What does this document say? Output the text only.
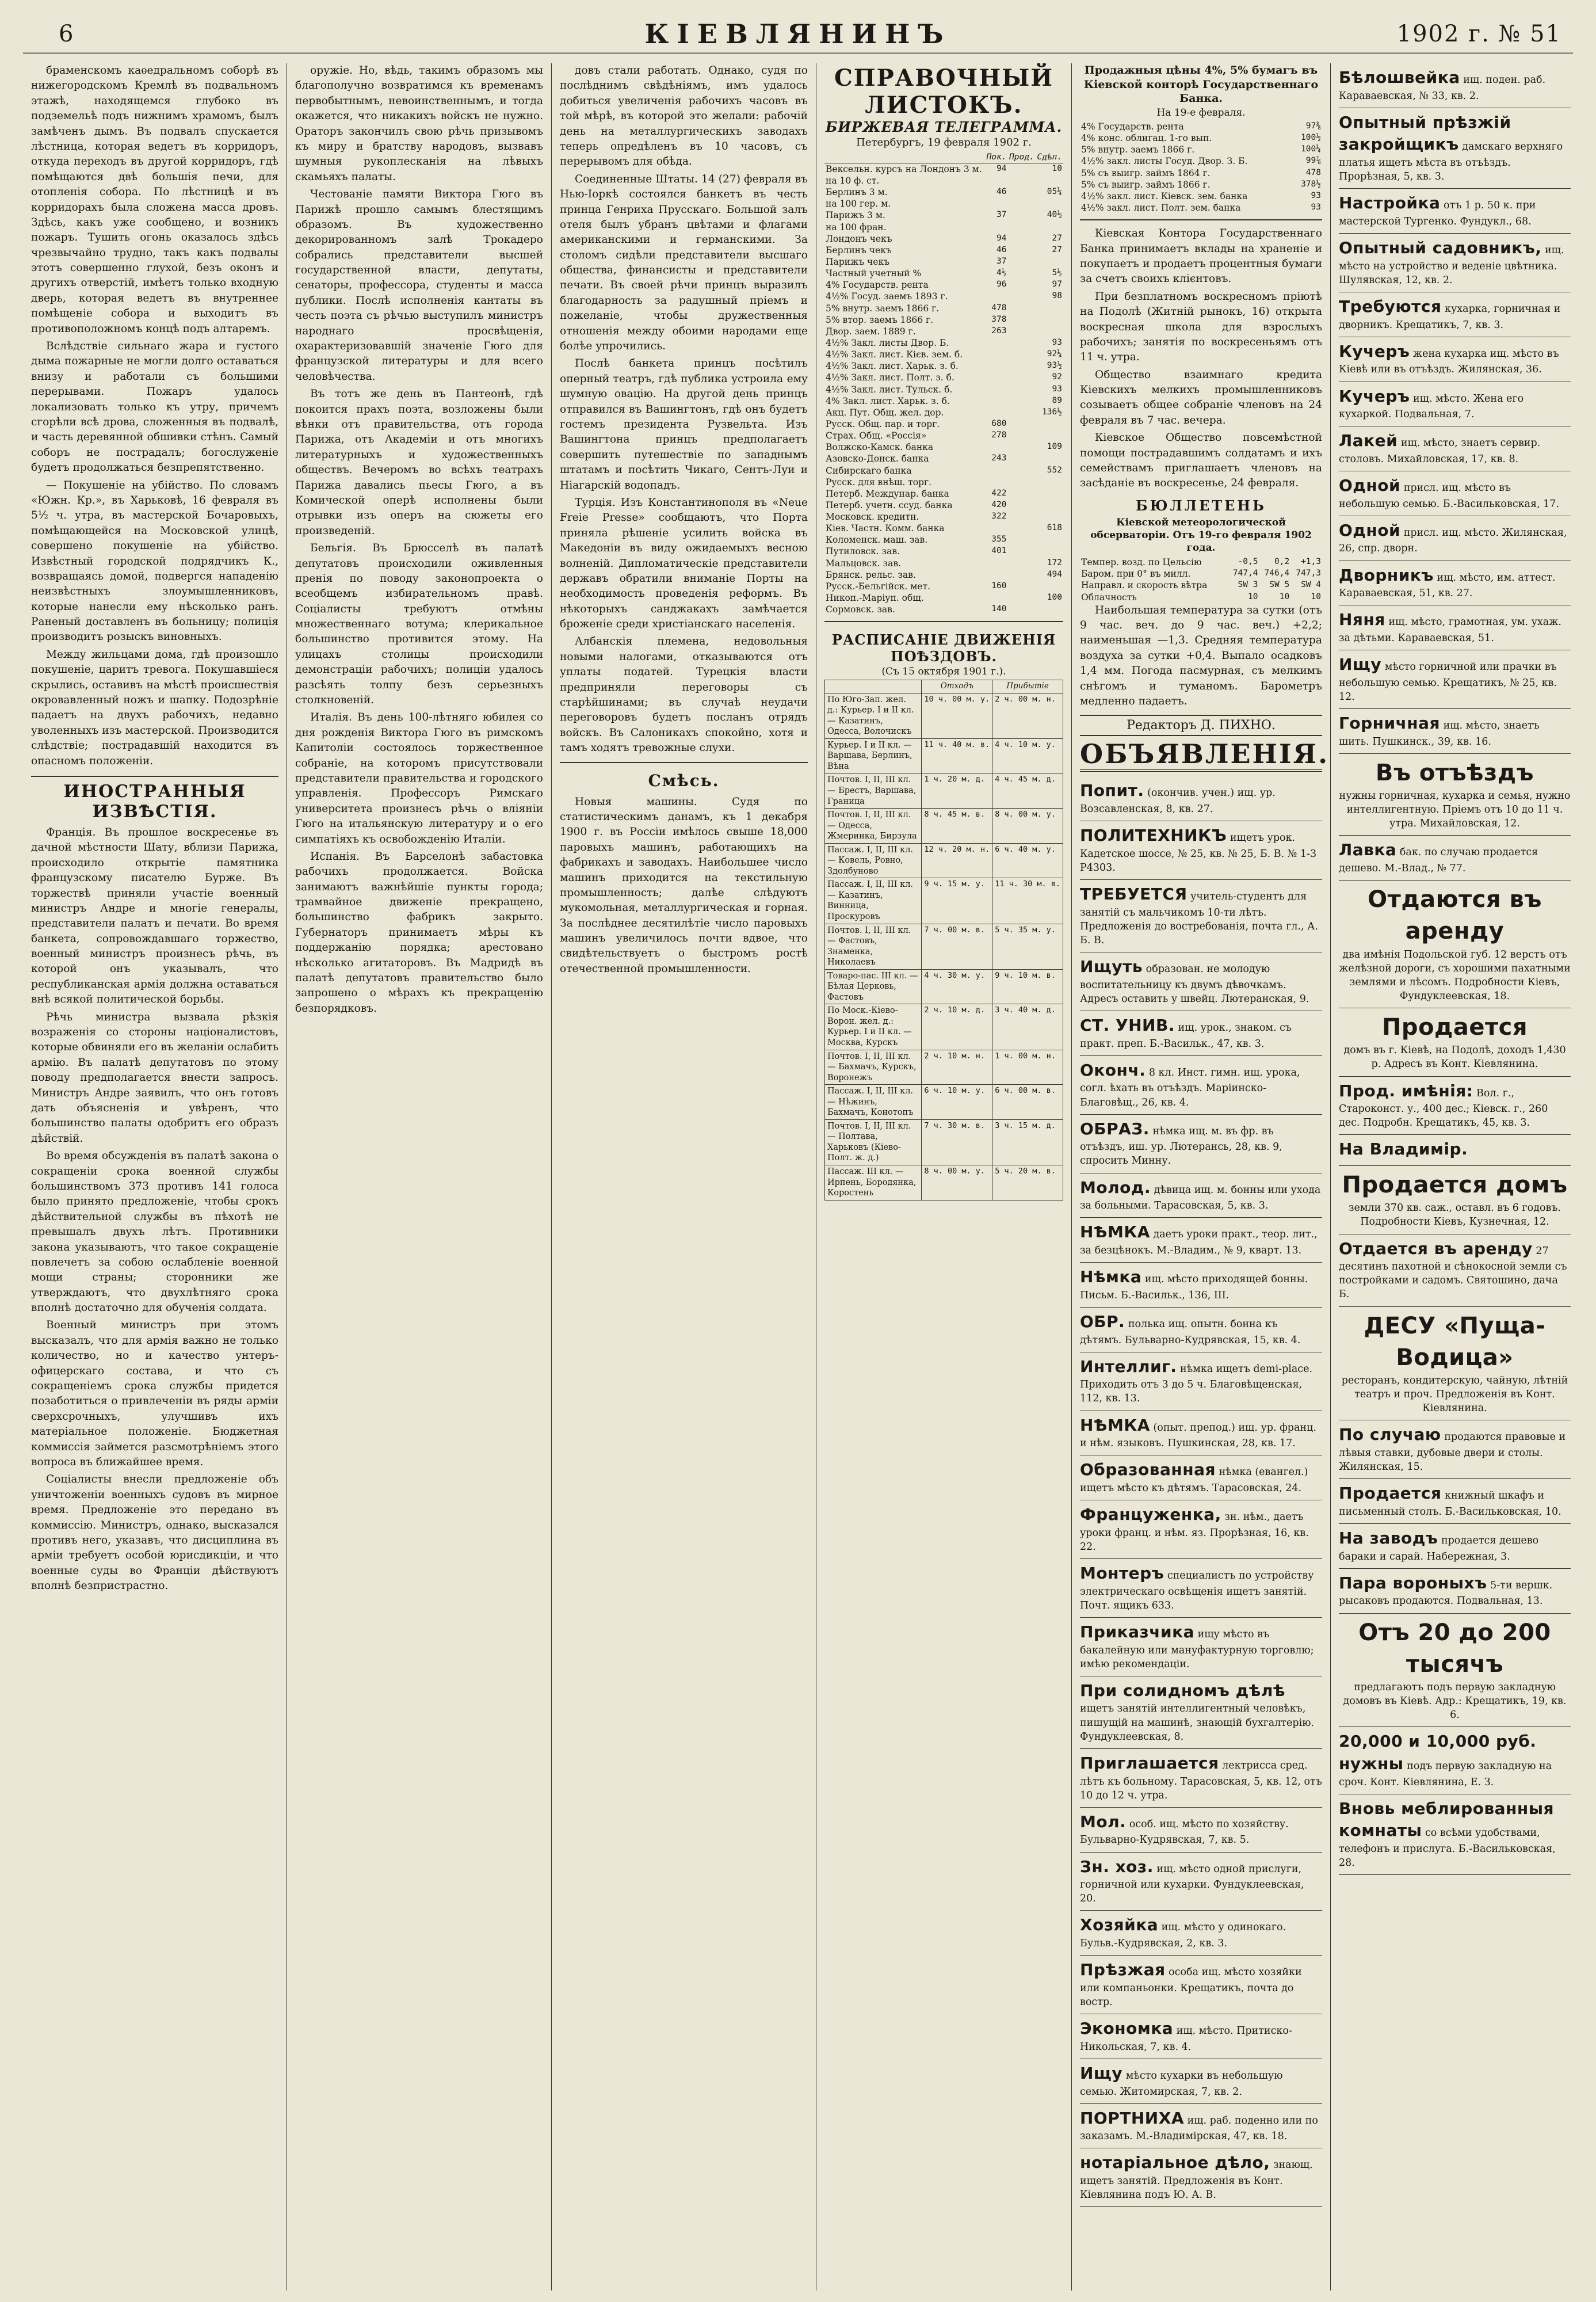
6	КІЕВЛЯНИНЪ	1902 г. № 51

браменскомъ каѳедральномъ соборѣ въ нижегородскомъ Кремлѣ въ подвальномъ этажѣ, находящемся глубоко въ подземельѣ подъ нижнимъ храмомъ, былъ замѣченъ дымъ. Въ подвалъ спускается лѣстница, которая ведетъ въ корридоръ, откуда переходъ въ другой корридоръ, гдѣ помѣщаются двѣ большія печи, для отопленія собора. По лѣстницѣ и въ корридорахъ была сложена масса дровъ. Здѣсь, какъ уже сообщено, и возникъ пожаръ. Тушить огонь оказалось здѣсь чрезвычайно трудно, такъ какъ подвалы этотъ совершенно глухой, безъ оконъ и другихъ отверстій, имѣетъ только входную дверь, которая ведетъ въ внутреннее помѣщеніе собора и выходитъ въ противоположномъ концѣ подъ алтаремъ.

Вслѣдствіе сильнаго жара и густого дыма пожарные не могли долго оставаться внизу и работали съ большими перерывами. Пожаръ удалось локализовать только къ утру, причемъ сгорѣли всѣ дрова, сложенныя въ подвалѣ, и часть деревянной обшивки стѣнъ. Самый соборъ не пострадалъ; богослуженіе будетъ продолжаться безпрепятственно.

— Покушеніе на убійство. По словамъ «Южн. Кр.», въ Харьковѣ, 16 февраля въ 5½ ч. утра, въ мастерской Бочаровыхъ, помѣщающейся на Московской улицѣ, совершено покушеніе на убійство. Извѣстный городской подрядчикъ К., возвращаясь домой, подвергся нападенію неизвѣстныхъ злоумышленниковъ, которые нанесли ему нѣсколько ранъ. Раненый доставленъ въ больницу; полиція производитъ розыскъ виновныхъ.

Между жильцами дома, гдѣ произошло покушеніе, царитъ тревога. Покушавшіеся скрылись, оставивъ на мѣстѣ происшествія окровавленный ножъ и шапку. Подозрѣніе падаетъ на двухъ рабочихъ, недавно уволенныхъ изъ мастерской. Производится слѣдствіе; пострадавшій находится въ опасномъ положеніи.

ИНОСТРАННЫЯ ИЗВѢСТІЯ.

Франція. Въ прошлое воскресенье въ дачной мѣстности Шату, вблизи Парижа, происходило открытіе памятника французскому писателю Бурже. Въ торжествѣ приняли участіе военный министръ Андре и многіе генералы, представители палатъ и печати. Во время банкета, сопровождавшаго торжество, военный министръ произнесъ рѣчь, въ которой онъ указывалъ, что республиканская армія должна оставаться внѣ всякой политической борьбы.

Рѣчь министра вызвала рѣзкія возраженія со стороны націоналистовъ, которые обвиняли его въ желаніи ослабить армію. Въ палатѣ депутатовъ по этому поводу предполагается внести запросъ. Министръ Андре заявилъ, что онъ готовъ дать объясненія и увѣренъ, что большинство палаты одобритъ его образъ дѣйствій.

Во время обсужденія въ палатѣ закона о сокращеніи срока военной службы большинствомъ 373 противъ 141 голоса было принято предложеніе, чтобы срокъ дѣйствительной службы въ пѣхотѣ не превышалъ двухъ лѣтъ. Противники закона указываютъ, что такое сокращеніе повлечетъ за собою ослабленіе военной мощи страны; сторонники же утверждаютъ, что двухлѣтняго срока вполнѣ достаточно для обученія солдата.

Военный министръ при этомъ высказалъ, что для армія важно не только количество, но и качество унтеръ-офицерскаго состава, и что съ сокращеніемъ срока службы придется позаботиться о привлеченіи въ ряды арміи сверхсрочныхъ, улучшивъ ихъ матеріальное положеніе. Бюджетная коммиссія займется разсмотрѣніемъ этого вопроса въ ближайшее время.

Соціалисты внесли предложеніе объ уничтоженіи военныхъ судовъ въ мирное время. Предложеніе это передано въ коммиссію. Министръ, однако, высказался противъ него, указавъ, что дисциплина въ арміи требуетъ особой юрисдикціи, и что военные суды во Франціи дѣйствуютъ вполнѣ безпристрастно.

оружіе. Но, вѣдь, такимъ образомъ мы благополучно возвратимся къ временамъ первобытнымъ, невоинственнымъ, и тогда окажется, что никакихъ войскъ не нужно. Ораторъ закончилъ свою рѣчь призывомъ къ миру и братству народовъ, вызвавъ шумныя рукоплесканія на лѣвыхъ скамьяхъ палаты.

Честованіе памяти Виктора Гюго въ Парижѣ прошло самымъ блестящимъ образомъ. Въ художественно декорированномъ залѣ Трокадеро собрались представители высшей государственной власти, депутаты, сенаторы, профессора, студенты и масса публики. Послѣ исполненія кантаты въ честь поэта съ рѣчью выступилъ министръ народнаго просвѣщенія, охарактеризовавшій значеніе Гюго для французской литературы и для всего человѣчества.

Въ тотъ же день въ Пантеонѣ, гдѣ покоится прахъ поэта, возложены были вѣнки отъ правительства, отъ города Парижа, отъ Академіи и отъ многихъ литературныхъ и художественныхъ обществъ. Вечеромъ во всѣхъ театрахъ Парижа давались пьесы Гюго, а въ Комической оперѣ исполнены были отрывки изъ оперъ на сюжеты его произведеній.

Бельгія. Въ Брюсселѣ въ палатѣ депутатовъ происходили оживленныя пренія по поводу законопроекта о всеобщемъ избирательномъ правѣ. Соціалисты требуютъ отмѣны множественнаго вотума; клерикальное большинство противится этому. На улицахъ столицы происходили демонстраціи рабочихъ; полиціи удалось разсѣять толпу безъ серьезныхъ столкновеній.

Италія. Въ день 100-лѣтняго юбилея со дня рожденія Виктора Гюго въ римскомъ Капитоліи состоялось торжественное собраніе, на которомъ присутствовали представители правительства и городского управленія. Профессоръ Римскаго университета произнесъ рѣчь о вліяніи Гюго на итальянскую литературу и о его симпатіяхъ къ освобожденію Италіи.

Испанія. Въ Барселонѣ забастовка рабочихъ продолжается. Войска занимаютъ важнѣйшіе пункты города; трамвайное движеніе прекращено, большинство фабрикъ закрыто. Губернаторъ принимаетъ мѣры къ поддержанію порядка; арестовано нѣсколько агитаторовъ. Въ Мадридѣ въ палатѣ депутатовъ правительство было запрошено о мѣрахъ къ прекращенію безпорядковъ.

довъ стали работать. Однако, судя по послѣднимъ свѣдѣніямъ, имъ удалось добиться увеличенія рабочихъ часовъ въ той мѣрѣ, въ которой это желали: рабочій день на металлургическихъ заводахъ теперь опредѣленъ въ 10 часовъ, съ перерывомъ для обѣда.

Соединенные Штаты. 14 (27) февраля въ Нью-Іоркѣ состоялся банкетъ въ честь принца Генриха Прусскаго. Большой залъ отеля былъ убранъ цвѣтами и флагами американскими и германскими. За столомъ сидѣли представители высшаго общества, финансисты и представители печати. Въ своей рѣчи принцъ выразилъ благодарность за радушный пріемъ и пожеланіе, чтобы дружественныя отношенія между обоими народами еще болѣе упрочились.

Послѣ банкета принцъ посѣтилъ оперный театръ, гдѣ публика устроила ему шумную овацію. На другой день принцъ отправился въ Вашингтонъ, гдѣ онъ будетъ гостемъ президента Рузвельта. Изъ Вашингтона принцъ предполагаетъ совершить путешествіе по западнымъ штатамъ и посѣтить Чикаго, Сентъ-Луи и Ніагарскій водопадъ.

Турція. Изъ Константинополя въ «Neue Freie Presse» сообщаютъ, что Порта приняла рѣшеніе усилить войска въ Македоніи въ виду ожидаемыхъ весною волненій. Дипломатическіе представители державъ обратили вниманіе Порты на необходимость проведенія реформъ. Въ нѣкоторыхъ санджакахъ замѣчается броженіе среди христіанскаго населенія.

Албанскія племена, недовольныя новыми налогами, отказываются отъ уплаты податей. Турецкія власти предприняли переговоры съ старѣйшинами; въ случаѣ неудачи переговоровъ будетъ посланъ отрядъ войскъ. Въ Салоникахъ спокойно, хотя и тамъ ходятъ тревожные слухи.

Смѣсь.

Новыя машины. Судя по статистическимъ данамъ, къ 1 декабря 1900 г. въ Россіи имѣлось свыше 18,000 паровыхъ машинъ, работающихъ на фабрикахъ и заводахъ. Наибольшее число машинъ приходится на текстильную промышленность; далѣе слѣдуютъ мукомольная, металлургическая и горная. За послѣднее десятилѣтіе число паровыхъ машинъ увеличилось почти вдвое, что свидѣтельствуетъ о быстромъ ростѣ отечественной промышленности.

СПРАВОЧНЫЙ ЛИСТОКЪ.
БИРЖЕВАЯ ТЕЛЕГРАММА.
Петербургъ, 19 февраля 1902 г.
	Пок.	Прод.	Сдѣл.
Вексельн. курсъ на Лондонъ 3 м.	94		10
на 10 ф. ст.			
Берлинъ 3 м.	46		05¼
на 100 гер. м.			
Парижъ 3 м.	37		40½
на 100 фран.			
Лондонъ чекъ	94		27
Берлинъ чекъ	46		27
Парижъ чекъ	37		
Частный учетный %	4½		5½
4% Государств. рента	96		97
4½% Госуд. заемъ 1893 г.			98
5% внутр. заемъ 1866 г.	478		
5% втор. заемъ 1866 г.	378		
Двор. заем. 1889 г.	263		
4½% Закл. листы Двор. Б.			93
4½% Закл. лист. Кієв. зем. б.			92¼
4½% Закл. лист. Харьк. з. б.			93½
4½% Закл. лист. Полт. з. б.			92
4½% Закл. лист. Тульск. б.			93
4% Закл. лист. Харьк. з. б.			89
Акц. Пут. Общ. жел. дор.			136½
Русск. Общ. пар. и торг.	680		
Страх. Общ. «Россія»	278		
Волжско-Камск. банка			109
Азовско-Донск. банка	243		
Сибирскаго банка			552
Русск. для внѣш. торг.			
Петерб. Междунар. банка	422		
Петерб. учетн. ссуд. банка	420		
Московск. кредитн.	322		
Кіев. Частн. Комм. банка			618
Коломенск. маш. зав.	355		
Путиловск. зав.	401		
Мальцовск. зав.			172
Брянск. рельс. зав.			494
Русск.-Бельгійск. мет.	160		
Никоп.-Маріуп. общ.			100
Сормовск. зав.	140		
РАСПИСАНІЕ ДВИЖЕНІЯ ПОѢЗДОВЪ.
(Съ 15 октября 1901 г.).
	Отходъ	Прибытіе
По Юго-Зап. жел. д.: Курьер. I и II кл. — Казатинъ, Одесса, Волочискъ	10 ч. 00 м. у.	2 ч. 00 м. н.
Курьер. I и II кл. — Варшава, Берлинъ, Вѣна	11 ч. 40 м. в.	4 ч. 10 м. у.
Почтов. I, II, III кл. — Брестъ, Варшава, Граница	1 ч. 20 м. д.	4 ч. 45 м. д.
Почтов. I, II, III кл. — Одесса, Жмеринка, Бирзула	8 ч. 45 м. в.	8 ч. 00 м. у.
Пассаж. I, II, III кл. — Ковель, Ровно, Здолбуново	12 ч. 20 м. н.	6 ч. 40 м. у.
Пассаж. I, II, III кл. — Казатинъ, Винница, Проскуровъ	9 ч. 15 м. у.	11 ч. 30 м. в.
Почтов. I, II, III кл. — Фастовъ, Знаменка, Николаевъ	7 ч. 00 м. в.	5 ч. 35 м. у.
Товаро-пас. III кл. — Бѣлая Церковь, Фастовъ	4 ч. 30 м. у.	9 ч. 10 м. в.
По Моск.-Кіево-Ворон. жел. д.: Курьер. I и II кл. — Москва, Курскъ	2 ч. 10 м. д.	3 ч. 40 м. д.
Почтов. I, II, III кл. — Бахмачъ, Курскъ, Воронежъ	2 ч. 10 м. н.	1 ч. 00 м. н.
Пассаж. I, II, III кл. — Нѣжинъ, Бахмачъ, Конотопъ	6 ч. 10 м. у.	6 ч. 00 м. в.
Почтов. I, II, III кл. — Полтава, Харьковъ (Кіево-Полт. ж. д.)	7 ч. 30 м. в.	3 ч. 15 м. д.
Пассаж. III кл. — Ирпень, Бородянка, Коростень	8 ч. 00 м. у.	5 ч. 20 м. в.
Продажныя цѣны 4%, 5% бумагъ въ Кіевской конторѣ Государственнаго Банка.
На 19-е февраля.
4% Государств. рента	97⅜
4% конс. облигац. 1-го вып.	100½
5% внутр. заемъ 1866 г.	100¼
4½% закл. листы Госуд. Двор. З. Б.	99⅞
5% съ выигр. займъ 1864 г.	478
5% съ выигр. займъ 1866 г.	378½
4½% закл. лист. Кіевск. зем. банка	93
4½% закл. лист. Полт. зем. банка	93

Кіевская Контора Государственнаго Банка принимаетъ вклады на храненіе и покупаетъ и продаетъ процентныя бумаги за счетъ своихъ клієнтовъ.

При безплатномъ воскресномъ пріютѣ на Подолѣ (Житній рынокъ, 16) открыта воскресная школа для взрослыхъ рабочихъ; занятія по воскресеньямъ отъ 11 ч. утра.

Общество взаимнаго кредита Кіевскихъ мелкихъ промышленниковъ созываетъ общее собраніе членовъ на 24 февраля въ 7 час. вечера.

Кіевское Общество повсемѣстной помощи пострадавшимъ солдатамъ и ихъ семействамъ приглашаетъ членовъ на засѣданіе въ воскресенье, 24 февраля.

БЮЛЛЕТЕНЬ
Кіевской метеорологической обсерваторіи. Отъ 19-го февраля 1902 года.
Темпер. возд. по Цельсію	-0,5	0,2	+1,3
Баром. при 0° въ милл.	747,4	746,4	747,3
Направл. и скорость вѣтра	SW 3	SW 5	SW 4
Облачность	10	10	10

Наибольшая температура за сутки (отъ 9 час. веч. до 9 час. веч.) +2,2; наименьшая —1,3. Средняя температура воздуха за сутки +0,4. Выпало осадковъ 1,4 мм. Погода пасмурная, съ мелкимъ снѣгомъ и туманомъ. Барометръ медленно падаетъ.

Редакторъ Д. ПИХНО.
ОБЪЯВЛЕНІЯ.
Попит. (окончив. учен.) ищ. ур. Возсавленская, 8, кв. 27.
ПОЛИТЕХНИКЪ ищетъ урок. Кадетское шоссе, № 25, кв. № 25, Б. В. № 1-3 Р4303.
ТРЕБУЕТСЯ учитель-студентъ для занятій съ мальчикомъ 10-ти лѣтъ. Предложенія до востребованія, почта гл., А. Б. В.
Ищуть образован. не молодую воспитательницу къ двумъ дѣвочкамъ. Адресъ оставить у швейц. Лютеранская, 9.
СТ. УНИВ. ищ. урок., знаком. съ практ. преп. Б.-Васильк., 47, кв. 3.
Оконч. 8 кл. Инст. гимн. ищ. урока, согл. ѣхать въ отъѣздъ. Маріинско-Благовѣщ., 26, кв. 4.
ОБРАЗ. нѣмка ищ. м. въ фр. въ отъѣздъ, иш. ур. Лютерансь, 28, кв. 9, спросить Минну.
Молод. дѣвица ищ. м. бонны или ухода за больными. Тарасовская, 5, кв. 3.
НѢМКА даетъ уроки практ., теор. лит., за безцѣнокъ. М.-Владим., № 9, кварт. 13.
Нѣмка ищ. мѣсто приходящей бонны. Письм. Б.-Васильк., 136, III.
ОБР. полька ищ. опытн. бонна къ дѣтямъ. Бульварно-Кудрявская, 15, кв. 4.
Интеллиг. нѣмка ищетъ demi-place. Приходить отъ 3 до 5 ч. Благовѣщенская, 112, кв. 13.
НѢМКА (опыт. препод.) ищ. ур. франц. и нѣм. языковъ. Пушкинская, 28, кв. 17.
Образованная нѣмка (евангел.) ищетъ мѣсто къ дѣтямъ. Тарасовская, 24.
Француженка, зн. нѣм., даетъ уроки франц. и нѣм. яз. Прорѣзная, 16, кв. 22.
Монтеръ специалистъ по устройству электрическаго освѣщенія ищетъ занятій. Почт. ящикъ 633.
Приказчика ищу мѣсто въ бакалейную или мануфактурную торговлю; имѣю рекомендаціи.
При солидномъ дѣлѣ ищетъ занятій интеллигентный человѣкъ, пишущій на машинѣ, знающій бухгалтерію. Фундуклеевская, 8.
Приглашается лектрисса сред. лѣтъ къ больному. Тарасовская, 5, кв. 12, отъ 10 до 12 ч. утра.
Мол. особ. ищ. мѣсто по хозяйству. Бульварно-Кудрявская, 7, кв. 5.
Зн. хоз. ищ. мѣсто одной прислуги, горничной или кухарки. Фундуклеевская, 20.
Хозяйка ищ. мѣсто у одинокаго. Бульв.-Кудрявская, 2, кв. 3.
Прѣзжая особа ищ. мѣсто хозяйки или компаньонки. Крещатикъ, почта до востр.
Экономка ищ. мѣсто. Притиско-Никольская, 7, кв. 4.
Ищу мѣсто кухарки въ небольшую семью. Житомирская, 7, кв. 2.
ПОРТНИХА ищ. раб. поденно или по заказамъ. М.-Владимірская, 47, кв. 18.
нотаріальное дѣло, знающ. ищетъ занятій. Предложенія въ Конт. Кіевлянина подъ Ю. А. В.
Бѣлошвейка ищ. поден. раб. Караваевская, № 33, кв. 2.
Опытный прѣзжій закройщикъ дамскаго верхняго платья ищетъ мѣста въ отъѣздъ. Прорѣзная, 5, кв. 3.
Настройка отъ 1 р. 50 к. при мастерской Тургенко. Фундукл., 68.
Опытный садовникъ, ищ. мѣсто на устройство и веденіе цвѣтника. Шулявская, 12, кв. 2.
Требуются кухарка, горничная и дворникъ. Крещатикъ, 7, кв. 3.
Кучеръ жена кухарка ищ. мѣсто въ Кіевѣ или въ отъѣздъ. Жилянская, 36.
Кучеръ ищ. мѣсто. Жена его кухаркой. Подвальная, 7.
Лакей ищ. мѣсто, знаетъ сервир. столовъ. Михайловская, 17, кв. 8.
Одной присл. ищ. мѣсто въ небольшую семью. Б.-Васильковская, 17.
Одной присл. ищ. мѣсто. Жилянская, 26, спр. дворн.
Дворникъ ищ. мѣсто, им. аттест. Караваевская, 51, кв. 27.
Няня ищ. мѣсто, грамотная, ум. ухаж. за дѣтьми. Караваевская, 51.
Ищу мѣсто горничной или прачки въ небольшую семью. Крещатикъ, № 25, кв. 12.
Горничная ищ. мѣсто, знаетъ шить. Пушкинск., 39, кв. 16.
Въ отъѣздъ
нужны горничная, кухарка и семья, нужно интеллигентную. Пріемъ отъ 10 до 11 ч. утра. Михайловская, 12.
Лавка бак. по случаю продается дешево. М.-Влад., № 77.
Отдаются въ аренду
два имѣнія Подольской губ. 12 верстъ отъ желѣзной дороги, съ хорошими пахатными землями и лѣсомъ. Подробности Кіевъ, Фундуклеевская, 18.
Продается
домъ въ г. Кіевѣ, на Подолѣ, доходъ 1,430 р. Адресъ въ Конт. Кіевлянина.
Прод. имѣнія: Вол. г., Староконст. у., 400 дес.; Кіевск. г., 260 дес. Подробн. Крещатикъ, 45, кв. 3.
На Владимір.
Продается домъ
земли 370 кв. саж., оставл. въ 6 годовъ. Подробности Кіевъ, Кузнечная, 12.
Отдается въ аренду 27 десятинъ пахотной и сѣнокосной земли съ постройками и садомъ. Святошино, дача Б.
ДЕСУ «Пуща-Водица»
ресторанъ, кондитерскую, чайную, лѣтній театръ и проч. Предложенія въ Конт. Кіевлянина.
По случаю продаются правовые и лѣвыя ставки, дубовые двери и столы. Жилянская, 15.
Продается книжный шкафъ и письменный столъ. Б.-Васильковская, 10.
На заводъ продается дешево бараки и сарай. Набережная, 3.
Пара вороныхъ 5-ти вершк. рысаковъ продаются. Подвальная, 13.
Отъ 20 до 200 тысячъ
предлагаютъ подъ первую закладную домовъ въ Кіевѣ. Адр.: Крещатикъ, 19, кв. 6.
20,000 и 10,000 руб. нужны подъ первую закладную на сроч. Конт. Кіевлянина, Е. З.
Вновь меблированныя комнаты со всѣми удобствами, телефонъ и прислуга. Б.-Васильковская, 28.
